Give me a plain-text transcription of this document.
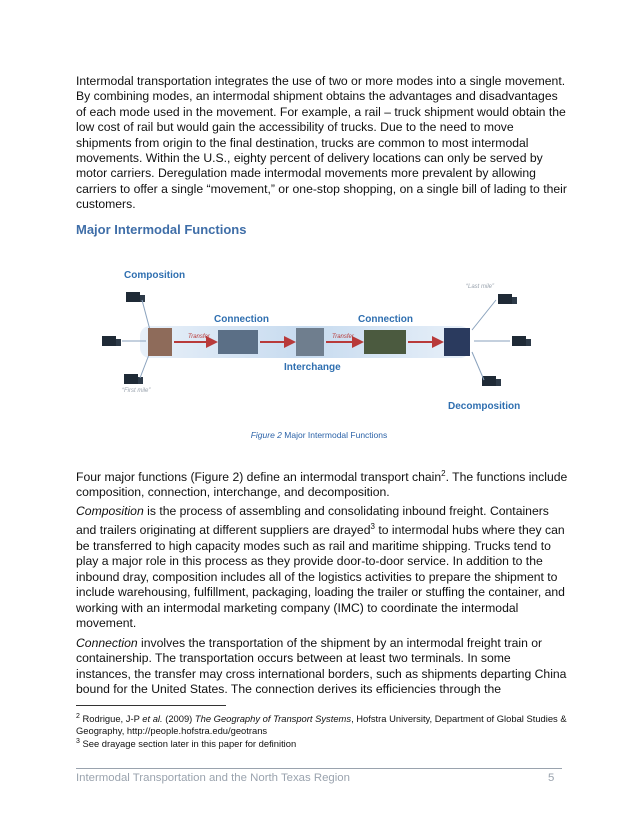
Intermodal transportation integrates the use of two or more modes into a single movement. By combining modes, an intermodal shipment obtains the advantages and disadvantages of each mode used in the movement. For example, a rail – truck shipment would obtain the low cost of rail but would gain the accessibility of trucks. Due to the need to move shipments from origin to the final destination, trucks are common to most intermodal movements. Within the U.S., eighty percent of delivery locations can only be served by motor carriers. Deregulation made intermodal movements more prevalent by allowing carriers to offer a single “movement,” or one-stop shopping, on a single bill of lading to their customers.

Major Intermodal Functions
Composition
Connection	Connection
Interchange
Decomposition
Transfer	Transfer
“First mile”
“Last mile”
Figure 2 Major Intermodal Functions

Four major functions (Figure 2) define an intermodal transport chain$^2$. The functions include composition, connection, interchange, and decomposition.

Composition is the process of assembling and consolidating inbound freight. Containers and trailers originating at different suppliers are drayed$^3$ to intermodal hubs where they can be transferred to high capacity modes such as rail and maritime shipping. Trucks tend to play a major role in this process as they provide door-to-door service. In addition to the inbound dray, composition includes all of the logistics activities to prepare the shipment to include warehousing, fulfillment, packaging, loading the trailer or stuffing the container, and working with an intermodal marketing company (IMC) to coordinate the intermodal movement.

Connection involves the transportation of the shipment by an intermodal freight train or containership. The transportation occurs between at least two terminals. In some instances, the transfer may cross international borders, such as shipments departing China bound for the United States. The connection derives its efficiencies through the

$^2$ Rodrigue, J-P et al. (2009) The Geography of Transport Systems, Hofstra University, Department of Global Studies & Geography, http://people.hofstra.edu/geotrans

$^3$ See drayage section later in this paper for definition

Intermodal Transportation and the North Texas Region	5
